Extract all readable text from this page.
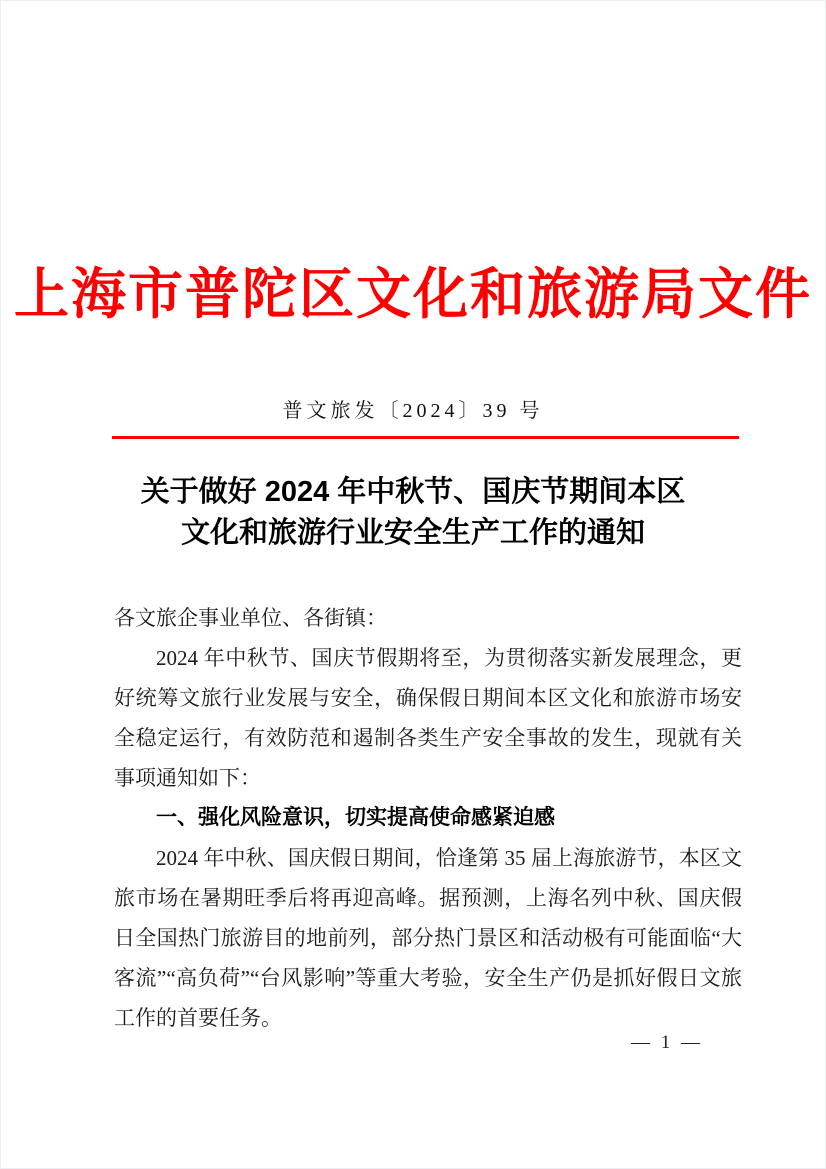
上海市普陀区文化和旅游局文件
普文旅发〔2024〕39 号
关于做好 2024 年中秋节、国庆节期间本区
文化和旅游行业安全生产工作的通知

各文旅企事业单位、各街镇：

2024 年中秋节、国庆节假期将至，为贯彻落实新发展理念，更好统筹文旅行业发展与安全，确保假日期间本区文化和旅游市场安全稳定运行，有效防范和遏制各类生产安全事故的发生，现就有关事项通知如下：

一、强化风险意识，切实提高使命感紧迫感

2024 年中秋、国庆假日期间，恰逢第 35 届上海旅游节，本区文旅市场在暑期旺季后将再迎高峰。据预测，上海名列中秋、国庆假日全国热门旅游目的地前列，部分热门景区和活动极有可能面临“大客流”“高负荷”“台风影响”等重大考验，安全生产仍是抓好假日文旅工作的首要任务。

— 1 —
